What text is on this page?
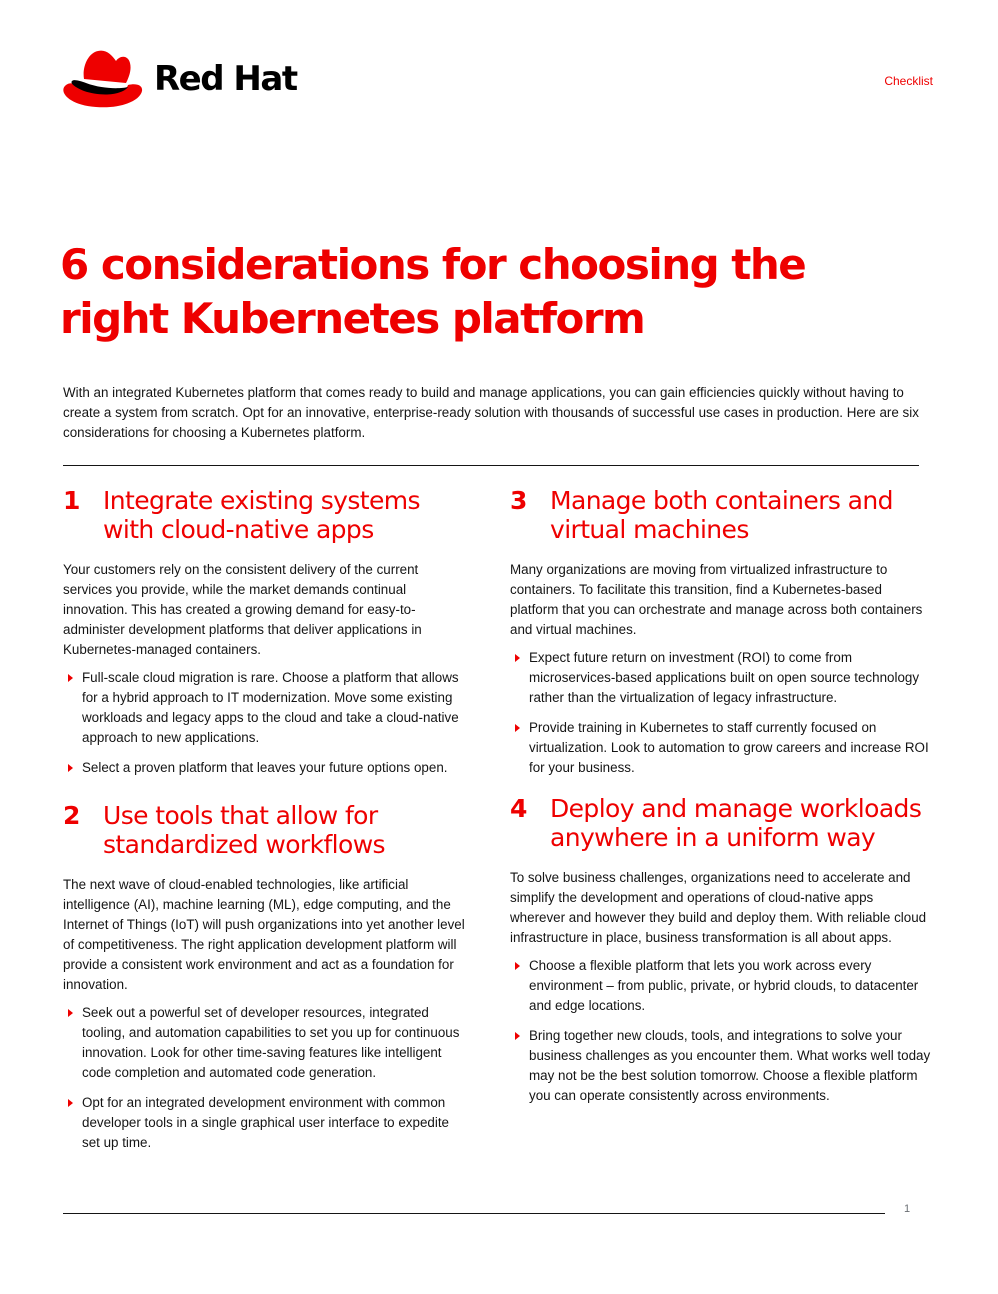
Red Hat	Checklist
6 considerations for choosing the right Kubernetes platform

With an integrated Kubernetes platform that comes ready to build and manage applications, you can gain efficiencies quickly without having to create a system from scratch. Opt for an innovative, enterprise-ready solution with thousands of successful use cases in production. Here are six considerations for choosing a Kubernetes platform.

1 Integrate existing systems with cloud-native apps

Your customers rely on the consistent delivery of the current services you provide, while the market demands continual innovation. This has created a growing demand for easy-to-administer development platforms that deliver applications in Kubernetes-managed containers.

Full-scale cloud migration is rare. Choose a platform that allows for a hybrid approach to IT modernization. Move some existing workloads and legacy apps to the cloud and take a cloud-native approach to new applications.
Select a proven platform that leaves your future options open.
2 Use tools that allow for standardized workflows

The next wave of cloud-enabled technologies, like artificial intelligence (AI), machine learning (ML), edge computing, and the Internet of Things (IoT) will push organizations into yet another level of competitiveness. The right application development platform will provide a consistent work environment and act as a foundation for innovation.

Seek out a powerful set of developer resources, integrated tooling, and automation capabilities to set you up for continuous innovation. Look for other time-saving features like intelligent code completion and automated code generation.
Opt for an integrated development environment with common developer tools in a single graphical user interface to expedite set up time.
3 Manage both containers and virtual machines

Many organizations are moving from virtualized infrastructure to containers. To facilitate this transition, find a Kubernetes-based platform that you can orchestrate and manage across both containers and virtual machines.

Expect future return on investment (ROI) to come from microservices-based applications built on open source technology rather than the virtualization of legacy infrastructure.
Provide training in Kubernetes to staff currently focused on virtualization. Look to automation to grow careers and increase ROI for your business.
4 Deploy and manage workloads anywhere in a uniform way

To solve business challenges, organizations need to accelerate and simplify the development and operations of cloud-native apps wherever and however they build and deploy them. With reliable cloud infrastructure in place, business transformation is all about apps.

Choose a flexible platform that lets you work across every environment – from public, private, or hybrid clouds, to datacenter and edge locations.
Bring together new clouds, tools, and integrations to solve your business challenges as you encounter them. What works well today may not be the best solution tomorrow. Choose a flexible platform you can operate consistently across environments.
1
